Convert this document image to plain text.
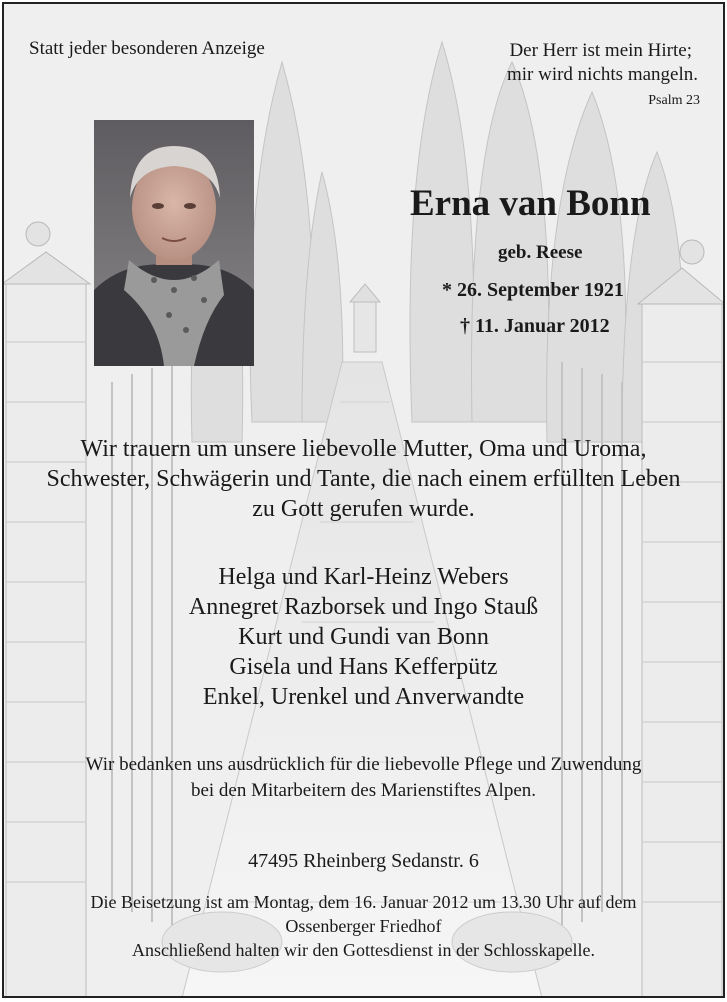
Statt jeder besonderen Anzeige	Der Herr ist mein Hirte;
mir wird nichts mangeln.
Psalm 23
Erna van Bonn
geb. Reese
* 26. September 1921
† 11. Januar 2012
Wir trauern um unsere liebevolle Mutter, Oma und Uroma,
Schwester, Schwägerin und Tante, die nach einem erfüllten Leben
zu Gott gerufen wurde.
Helga und Karl-Heinz Webers
Annegret Razborsek und Ingo Stauß
Kurt und Gundi van Bonn
Gisela und Hans Kefferpütz
Enkel, Urenkel und Anverwandte
Wir bedanken uns ausdrücklich für die liebevolle Pflege und Zuwendung
bei den Mitarbeitern des Marienstiftes Alpen.
47495 Rheinberg Sedanstr. 6
Die Beisetzung ist am Montag, dem 16. Januar 2012 um 13.30 Uhr auf dem
Ossenberger Friedhof
Anschließend halten wir den Gottesdienst in der Schlosskapelle.
